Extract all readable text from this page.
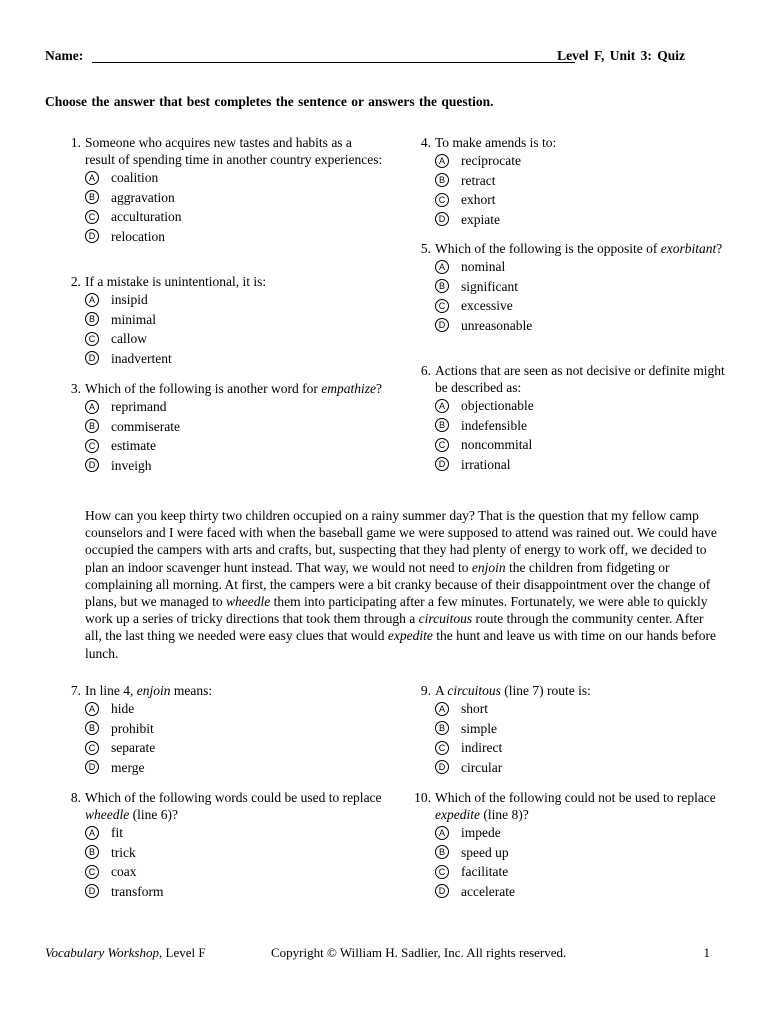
Name:	Level F, Unit 3: Quiz
Choose the answer that best completes the sentence or answers the question.
1. Someone who acquires new tastes and habits as a result of spending time in another country experiences:

A coalition
B aggravation
C acculturation
D relocation
2. If a mistake is unintentional, it is:

A insipid
B minimal
C callow
D inadvertent
3. Which of the following is another word for empathize?

A reprimand
B commiserate
C estimate
D inveigh
4. To make amends is to:

A reciprocate
B retract
C exhort
D expiate
5. Which of the following is the opposite of exorbitant?

A nominal
B significant
C excessive
D unreasonable
6. Actions that are seen as not decisive or definite might be described as:

A objectionable
B indefensible
C noncommital
D irrational
7. In line 4, enjoin means:

A hide
B prohibit
C separate
D merge
8. Which of the following words could be used to replace wheedle (line 6)?

A fit
B trick
C coax
D transform
9. A circuitous (line 7) route is:

A short
B simple
C indirect
D circular
10. Which of the following could not be used to replace expedite (line 8)?

A impede
B speed up
C facilitate
D accelerate

How can you keep thirty two children occupied on a rainy summer day? That is the question that my fellow camp counselors and I were faced with when the baseball game we were supposed to attend was rained out. We could have occupied the campers with arts and crafts, but, suspecting that they had plenty of energy to work off, we decided to plan an indoor scavenger hunt instead. That way, we would not need to enjoin the children from fidgeting or complaining all morning. At first, the campers were a bit cranky because of their disappointment over the change of plans, but we managed to wheedle them into participating after a few minutes. Fortunately, we were able to quickly work up a series of tricky directions that took them through a circuitous route through the community center. After all, the last thing we needed were easy clues that would expedite the hunt and leave us with time on our hands before lunch.

Vocabulary Workshop, Level F	Copyright © William H. Sadlier, Inc. All rights reserved.	1
